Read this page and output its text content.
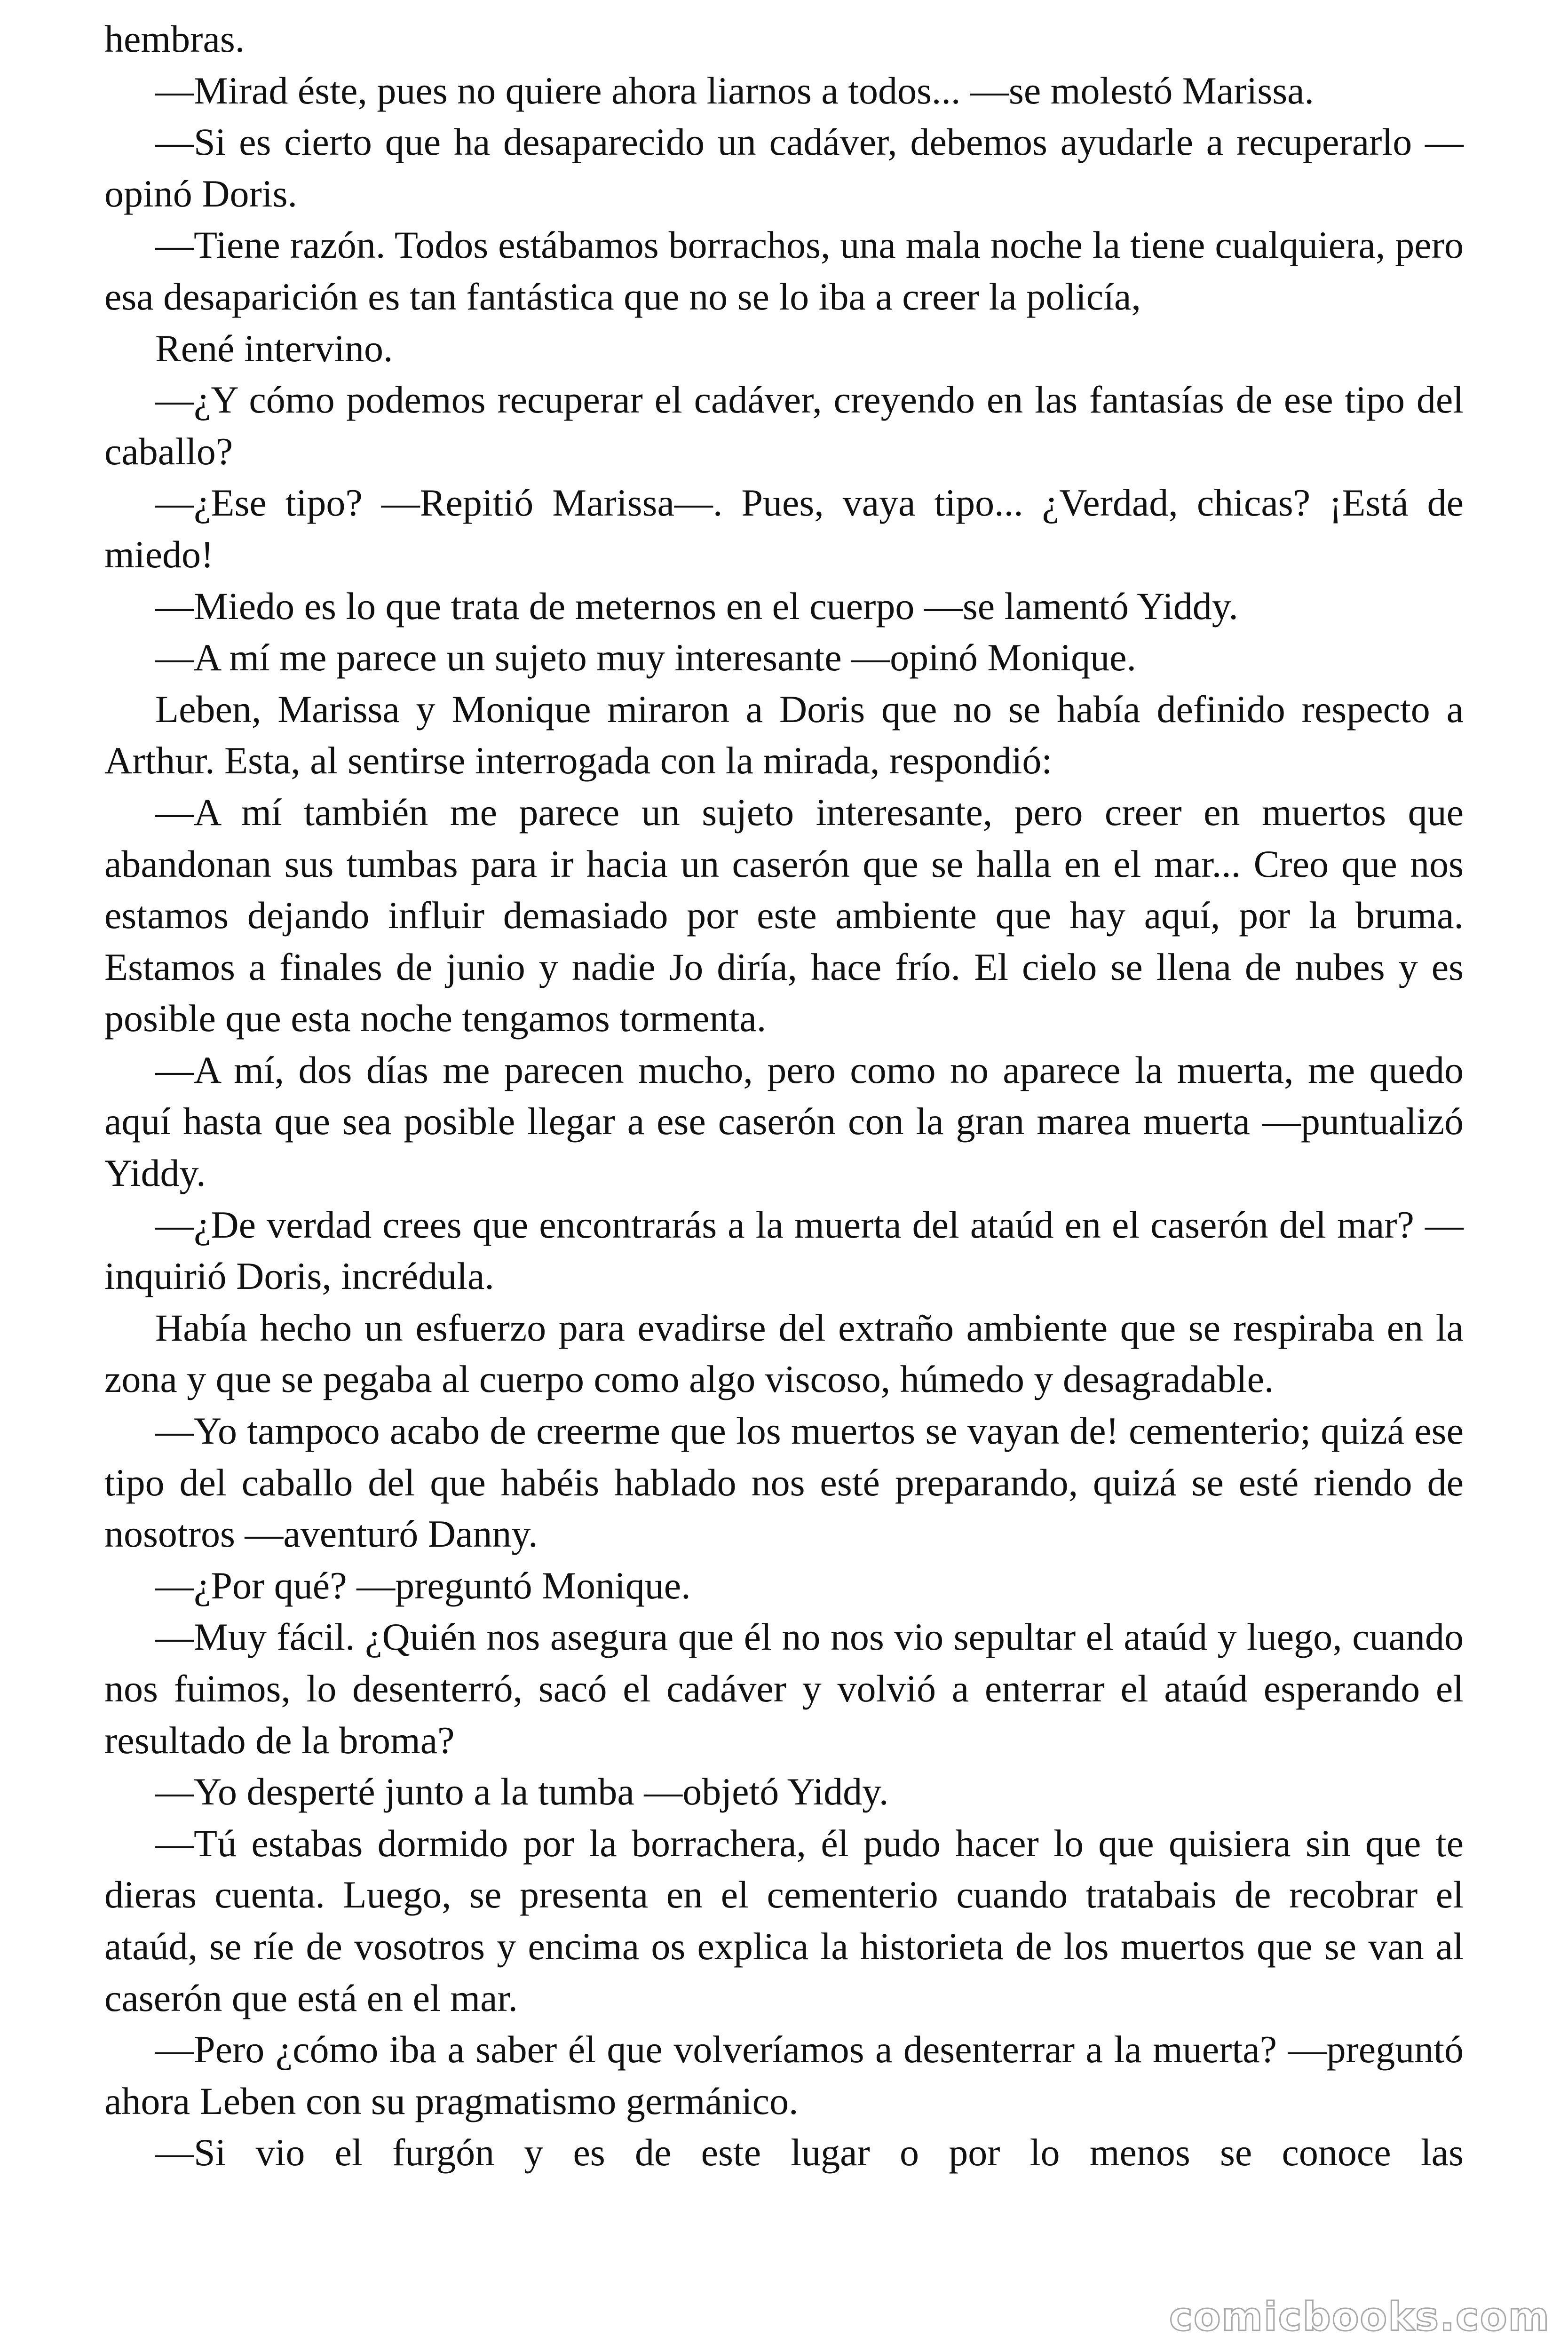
hembras.

—Mirad éste, pues no quiere ahora liarnos a todos... —se molestó Marissa.

—Si es cierto que ha desaparecido un cadáver, debemos ayudarle a recuperarlo —opinó Doris.

—Tiene razón. Todos estábamos borrachos, una mala noche la tiene cualquiera, pero esa desaparición es tan fantástica que no se lo iba a creer la policía,

René intervino.

—¿Y cómo podemos recuperar el cadáver, creyendo en las fantasías de ese tipo del caballo?

—¿Ese tipo? —Repitió Marissa—. Pues, vaya tipo... ¿Verdad, chicas? ¡Está de miedo!

—Miedo es lo que trata de meternos en el cuerpo —se lamentó Yiddy.

—A mí me parece un sujeto muy interesante —opinó Monique.

Leben, Marissa y Monique miraron a Doris que no se había definido respecto a Arthur. Esta, al sentirse interrogada con la mirada, respondió:

—A mí también me parece un sujeto interesante, pero creer en muertos que abandonan sus tumbas para ir hacia un caserón que se halla en el mar... Creo que nos estamos dejando influir demasiado por este ambiente que hay aquí, por la bruma. Estamos a finales de junio y nadie Jo diría, hace frío. El cielo se llena de nubes y es posible que esta noche tengamos tormenta.

—A mí, dos días me parecen mucho, pero como no aparece la muerta, me quedo aquí hasta que sea posible llegar a ese caserón con la gran marea muerta —puntualizó Yiddy.

—¿De verdad crees que encontrarás a la muerta del ataúd en el caserón del mar? —inquirió Doris, incrédula.

Había hecho un esfuerzo para evadirse del extraño ambiente que se respiraba en la zona y que se pegaba al cuerpo como algo viscoso, húmedo y desagradable.

—Yo tampoco acabo de creerme que los muertos se vayan de! cementerio; quizá ese tipo del caballo del que habéis hablado nos esté preparando, quizá se esté riendo de nosotros —aventuró Danny.

—¿Por qué? —preguntó Monique.

—Muy fácil. ¿Quién nos asegura que él no nos vio sepultar el ataúd y luego, cuando nos fuimos, lo desenterró, sacó el cadáver y volvió a enterrar el ataúd esperando el resultado de la broma?

—Yo desperté junto a la tumba —objetó Yiddy.

—Tú estabas dormido por la borrachera, él pudo hacer lo que quisiera sin que te dieras cuenta. Luego, se presenta en el cementerio cuando tratabais de recobrar el ataúd, se ríe de vosotros y encima os explica la historieta de los muertos que se van al caserón que está en el mar.

—Pero ¿cómo iba a saber él que volveríamos a desenterrar a la muerta? —preguntó ahora Leben con su pragmatismo germánico.

—Si vio el furgón y es de este lugar o por lo menos se conoce las

comicbooks.com
